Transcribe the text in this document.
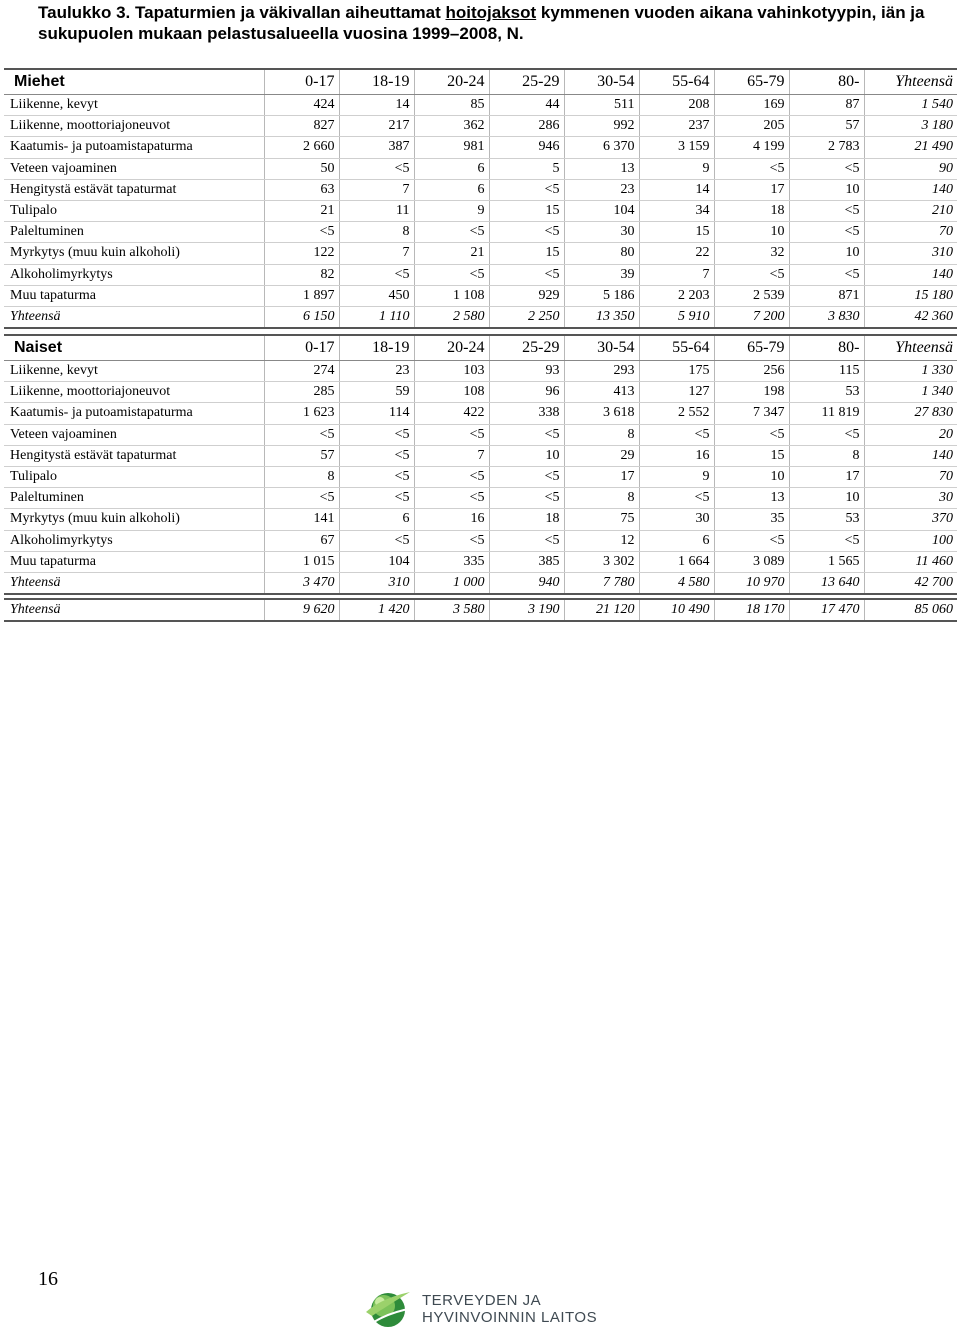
Taulukko 3. Tapaturmien ja väkivallan aiheuttamat hoitojaksot kymmenen vuoden aikana vahinkotyypin, iän ja sukupuolen mukaan pelastusalueella vuosina 1999–2008, N.
Miehet	0-17	18-19	20-24	25-29	30-54	55-64	65-79	80-	Yhteensä
Liikenne, kevyt	424	14	85	44	511	208	169	87	1 540
Liikenne, moottoriajoneuvot	827	217	362	286	992	237	205	57	3 180
Kaatumis- ja putoamistapaturma	2 660	387	981	946	6 370	3 159	4 199	2 783	21 490
Veteen vajoaminen	50	<5	6	5	13	9	<5	<5	90
Hengitystä estävät tapaturmat	63	7	6	<5	23	14	17	10	140
Tulipalo	21	11	9	15	104	34	18	<5	210
Paleltuminen	<5	8	<5	<5	30	15	10	<5	70
Myrkytys (muu kuin alkoholi)	122	7	21	15	80	22	32	10	310
Alkoholimyrkytys	82	<5	<5	<5	39	7	<5	<5	140
Muu tapaturma	1 897	450	1 108	929	5 186	2 203	2 539	871	15 180
Yhteensä	6 150	1 110	2 580	2 250	13 350	5 910	7 200	3 830	42 360
Naiset	0-17	18-19	20-24	25-29	30-54	55-64	65-79	80-	Yhteensä
Liikenne, kevyt	274	23	103	93	293	175	256	115	1 330
Liikenne, moottoriajoneuvot	285	59	108	96	413	127	198	53	1 340
Kaatumis- ja putoamistapaturma	1 623	114	422	338	3 618	2 552	7 347	11 819	27 830
Veteen vajoaminen	<5	<5	<5	<5	8	<5	<5	<5	20
Hengitystä estävät tapaturmat	57	<5	7	10	29	16	15	8	140
Tulipalo	8	<5	<5	<5	17	9	10	17	70
Paleltuminen	<5	<5	<5	<5	8	<5	13	10	30
Myrkytys (muu kuin alkoholi)	141	6	16	18	75	30	35	53	370
Alkoholimyrkytys	67	<5	<5	<5	12	6	<5	<5	100
Muu tapaturma	1 015	104	335	385	3 302	1 664	3 089	1 565	11 460
Yhteensä	3 470	310	1 000	940	7 780	4 580	10 970	13 640	42 700
Yhteensä	9 620	1 420	3 580	3 190	21 120	10 490	18 170	17 470	85 060
16
TERVEYDEN JA
HYVINVOINNIN LAITOS
